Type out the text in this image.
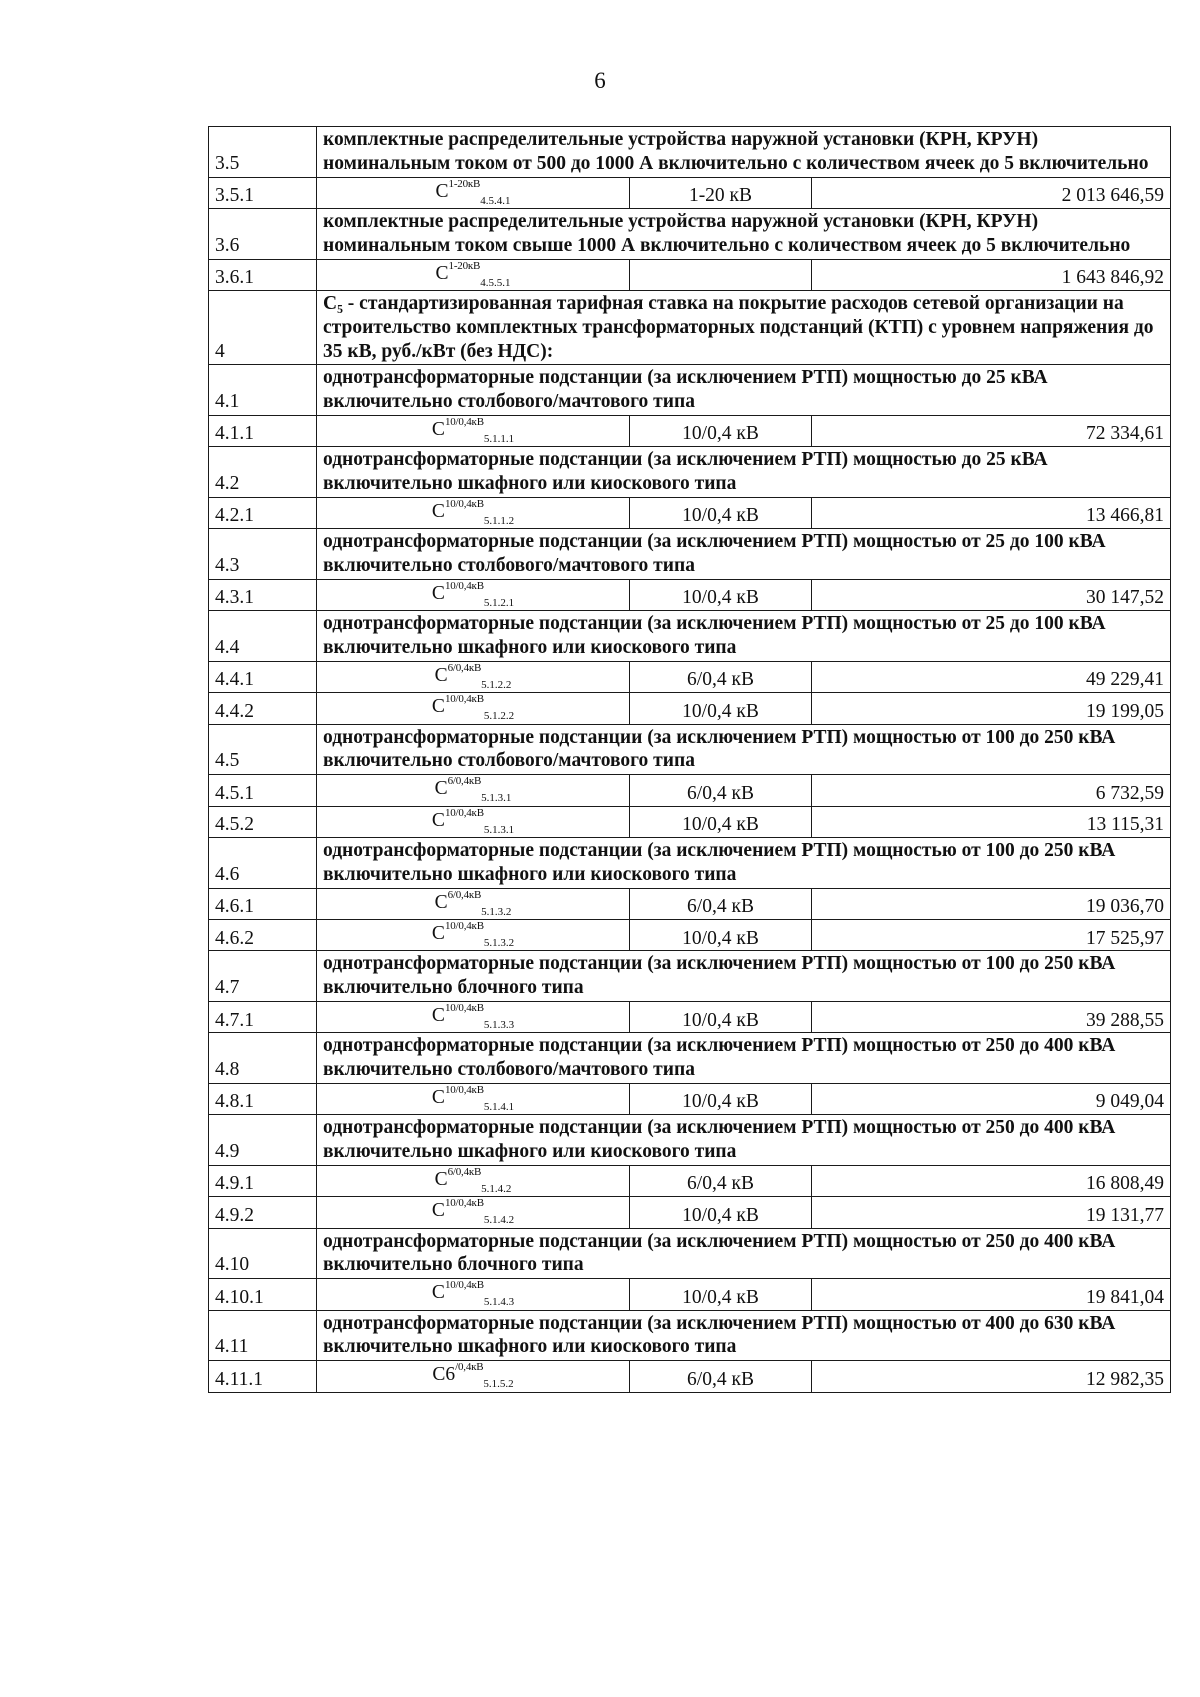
6
3.5	комплектные распределительные устройства наружной установки (КРН, КРУН) номинальным током от 500 до 1000 А включительно с количеством ячеек до 5 включительно		
3.5.1	$C^{1-20кВ}_{4.5.4.1}$	1-20 кВ	2 013 646,59
3.6	комплектные распределительные устройства наружной установки (КРН, КРУН) номинальным током свыше 1000 А включительно с количеством ячеек до 5 включительно		
3.6.1	$C^{1-20кВ}_{4.5.5.1}$		1 643 846,92
4	С₅ - стандартизированная тарифная ставка на покрытие расходов сетевой организации на строительство комплектных трансформаторных подстанций (КТП) с уровнем напряжения до 35 кВ, руб./кВт (без НДС):		
4.1	однотрансформаторные подстанции (за исключением РТП) мощностью до 25 кВА включительно столбового/мачтового типа		
4.1.1	$C^{10/0,4кВ}_{5.1.1.1}$	10/0,4 кВ	72 334,61
4.2	однотрансформаторные подстанции (за исключением РТП) мощностью до 25 кВА включительно шкафного или киоскового типа		
4.2.1	$C^{10/0,4кВ}_{5.1.1.2}$	10/0,4 кВ	13 466,81
4.3	однотрансформаторные подстанции (за исключением РТП) мощностью от 25 до 100 кВА включительно столбового/мачтового типа		
4.3.1	$C^{10/0,4кВ}_{5.1.2.1}$	10/0,4 кВ	30 147,52
4.4	однотрансформаторные подстанции (за исключением РТП) мощностью от 25 до 100 кВА включительно шкафного или киоскового типа		
4.4.1	$C^{6/0,4кВ}_{5.1.2.2}$	6/0,4 кВ	49 229,41
4.4.2	$C^{10/0,4кВ}_{5.1.2.2}$	10/0,4 кВ	19 199,05
4.5	однотрансформаторные подстанции (за исключением РТП) мощностью от 100 до 250 кВА включительно столбового/мачтового типа		
4.5.1	$C^{6/0,4кВ}_{5.1.3.1}$	6/0,4 кВ	6 732,59
4.5.2	$C^{10/0,4кВ}_{5.1.3.1}$	10/0,4 кВ	13 115,31
4.6	однотрансформаторные подстанции (за исключением РТП) мощностью от 100 до 250 кВА включительно шкафного или киоскового типа		
4.6.1	$C^{6/0,4кВ}_{5.1.3.2}$	6/0,4 кВ	19 036,70
4.6.2	$C^{10/0,4кВ}_{5.1.3.2}$	10/0,4 кВ	17 525,97
4.7	однотрансформаторные подстанции (за исключением РТП) мощностью от 100 до 250 кВА включительно блочного типа		
4.7.1	$C^{10/0,4кВ}_{5.1.3.3}$	10/0,4 кВ	39 288,55
4.8	однотрансформаторные подстанции (за исключением РТП) мощностью от 250 до 400 кВА включительно столбового/мачтового типа		
4.8.1	$C^{10/0,4кВ}_{5.1.4.1}$	10/0,4 кВ	9 049,04
4.9	однотрансформаторные подстанции (за исключением РТП) мощностью от 250 до 400 кВА включительно шкафного или киоскового типа		
4.9.1	$C^{6/0,4кВ}_{5.1.4.2}$	6/0,4 кВ	16 808,49
4.9.2	$C^{10/0,4кВ}_{5.1.4.2}$	10/0,4 кВ	19 131,77
4.10	однотрансформаторные подстанции (за исключением РТП) мощностью от 250 до 400 кВА включительно блочного типа		
4.10.1	$C^{10/0,4кВ}_{5.1.4.3}$	10/0,4 кВ	19 841,04
4.11	однотрансформаторные подстанции (за исключением РТП) мощностью от 400 до 630 кВА включительно шкафного или киоскового типа		
4.11.1	$C6^{/0,4кВ}_{5.1.5.2}$	6/0,4 кВ	12 982,35
